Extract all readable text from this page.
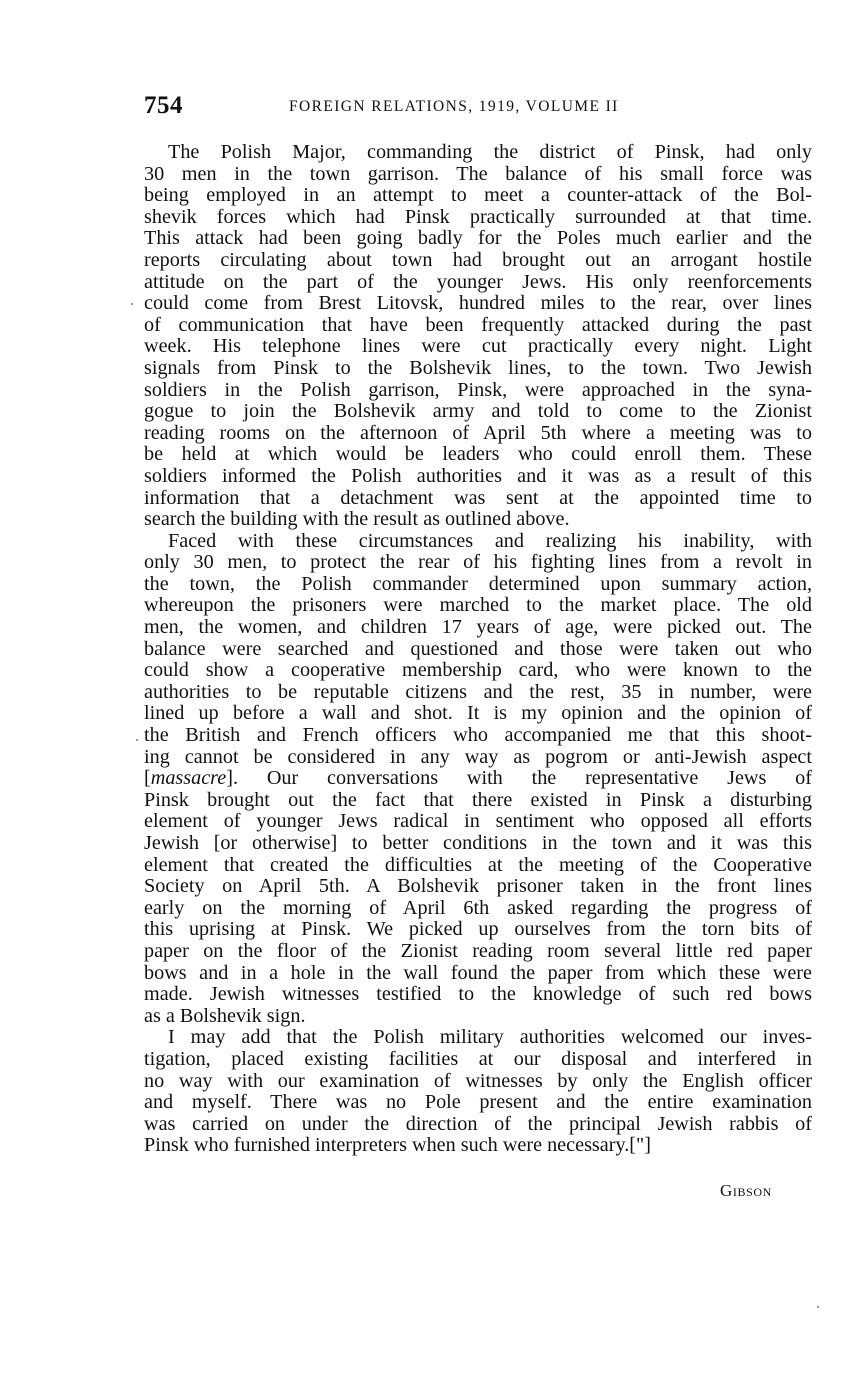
754	FOREIGN RELATIONS, 1919, VOLUME II
The Polish Major, commanding the district of Pinsk, had only
30 men in the town garrison. The balance of his small force was
being employed in an attempt to meet a counter-attack of the Bol-
shevik forces which had Pinsk practically surrounded at that time.
This attack had been going badly for the Poles much earlier and the
reports circulating about town had brought out an arrogant hostile
attitude on the part of the younger Jews. His only reenforcements
could come from Brest Litovsk, hundred miles to the rear, over lines
of communication that have been frequently attacked during the past
week. His telephone lines were cut practically every night. Light
signals from Pinsk to the Bolshevik lines, to the town. Two Jewish
soldiers in the Polish garrison, Pinsk, were approached in the syna-
gogue to join the Bolshevik army and told to come to the Zionist
reading rooms on the afternoon of April 5th where a meeting was to
be held at which would be leaders who could enroll them. These
soldiers informed the Polish authorities and it was as a result of this
information that a detachment was sent at the appointed time to
search the building with the result as outlined above.
Faced with these circumstances and realizing his inability, with
only 30 men, to protect the rear of his fighting lines from a revolt in
the town, the Polish commander determined upon summary action,
whereupon the prisoners were marched to the market place. The old
men, the women, and children 17 years of age, were picked out. The
balance were searched and questioned and those were taken out who
could show a cooperative membership card, who were known to the
authorities to be reputable citizens and the rest, 35 in number, were
lined up before a wall and shot. It is my opinion and the opinion of
the British and French officers who accompanied me that this shoot-
ing cannot be considered in any way as pogrom or anti-Jewish aspect
[massacre]. Our conversations with the representative Jews of
Pinsk brought out the fact that there existed in Pinsk a disturbing
element of younger Jews radical in sentiment who opposed all efforts
Jewish [or otherwise] to better conditions in the town and it was this
element that created the difficulties at the meeting of the Cooperative
Society on April 5th. A Bolshevik prisoner taken in the front lines
early on the morning of April 6th asked regarding the progress of
this uprising at Pinsk. We picked up ourselves from the torn bits of
paper on the floor of the Zionist reading room several little red paper
bows and in a hole in the wall found the paper from which these were
made. Jewish witnesses testified to the knowledge of such red bows
as a Bolshevik sign.
I may add that the Polish military authorities welcomed our inves-
tigation, placed existing facilities at our disposal and interfered in
no way with our examination of witnesses by only the English officer
and myself. There was no Pole present and the entire examination
was carried on under the direction of the principal Jewish rabbis of
Pinsk who furnished interpreters when such were necessary.["]
Gibson
